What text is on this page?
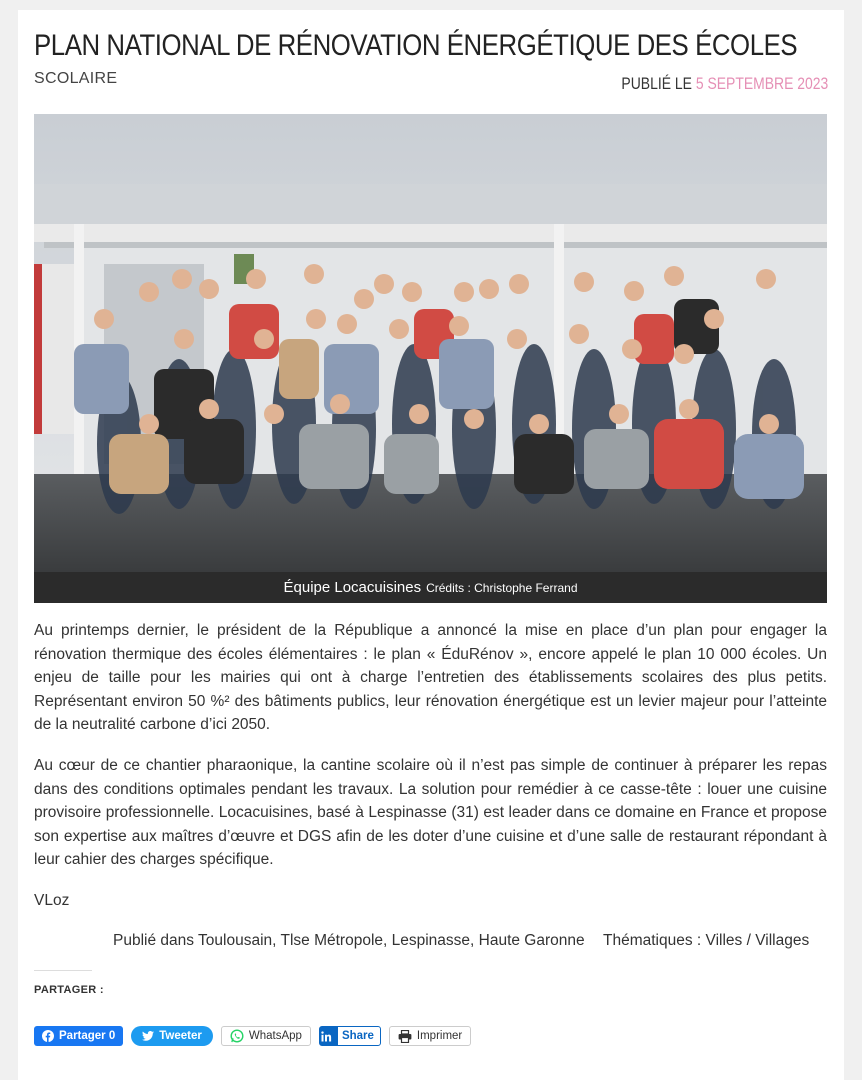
PLAN NATIONAL DE RÉNOVATION ÉNERGÉTIQUE DES ÉCOLES
SCOLAIRE	PUBLIÉ LE 5 SEPTEMBRE 2023
Équipe Locacuisines Crédits : Christophe Ferrand

Au printemps dernier, le président de la République a annoncé la mise en place d’un plan pour engager la rénovation thermique des écoles élémentaires : le plan « ÉduRénov », encore appelé le plan 10 000 écoles. Un enjeu de taille pour les mairies qui ont à charge l’entretien des établissements scolaires des plus petits. Représentant environ 50 %² des bâtiments publics, leur rénovation énergétique est un levier majeur pour l’atteinte de la neutralité carbone d’ici 2050.

Au cœur de ce chantier pharaonique, la cantine scolaire où il n’est pas simple de continuer à préparer les repas dans des conditions optimales pendant les travaux. La solution pour remédier à ce casse-tête : louer une cuisine provisoire professionnelle. Locacuisines, basé à Lespinasse (31) est leader dans ce domaine en France et propose son expertise aux maîtres d’œuvre et DGS afin de les doter d’une cuisine et d’une salle de restaurant répondant à leur cahier des charges spécifique.

VLoz
Publié dans Toulousain, Tlse Métropole, Lespinasse, Haute Garonne Thématiques : Villes / Villages
PARTAGER :
Partager 0	Tweeter	WhatsApp	Share	Imprimer
